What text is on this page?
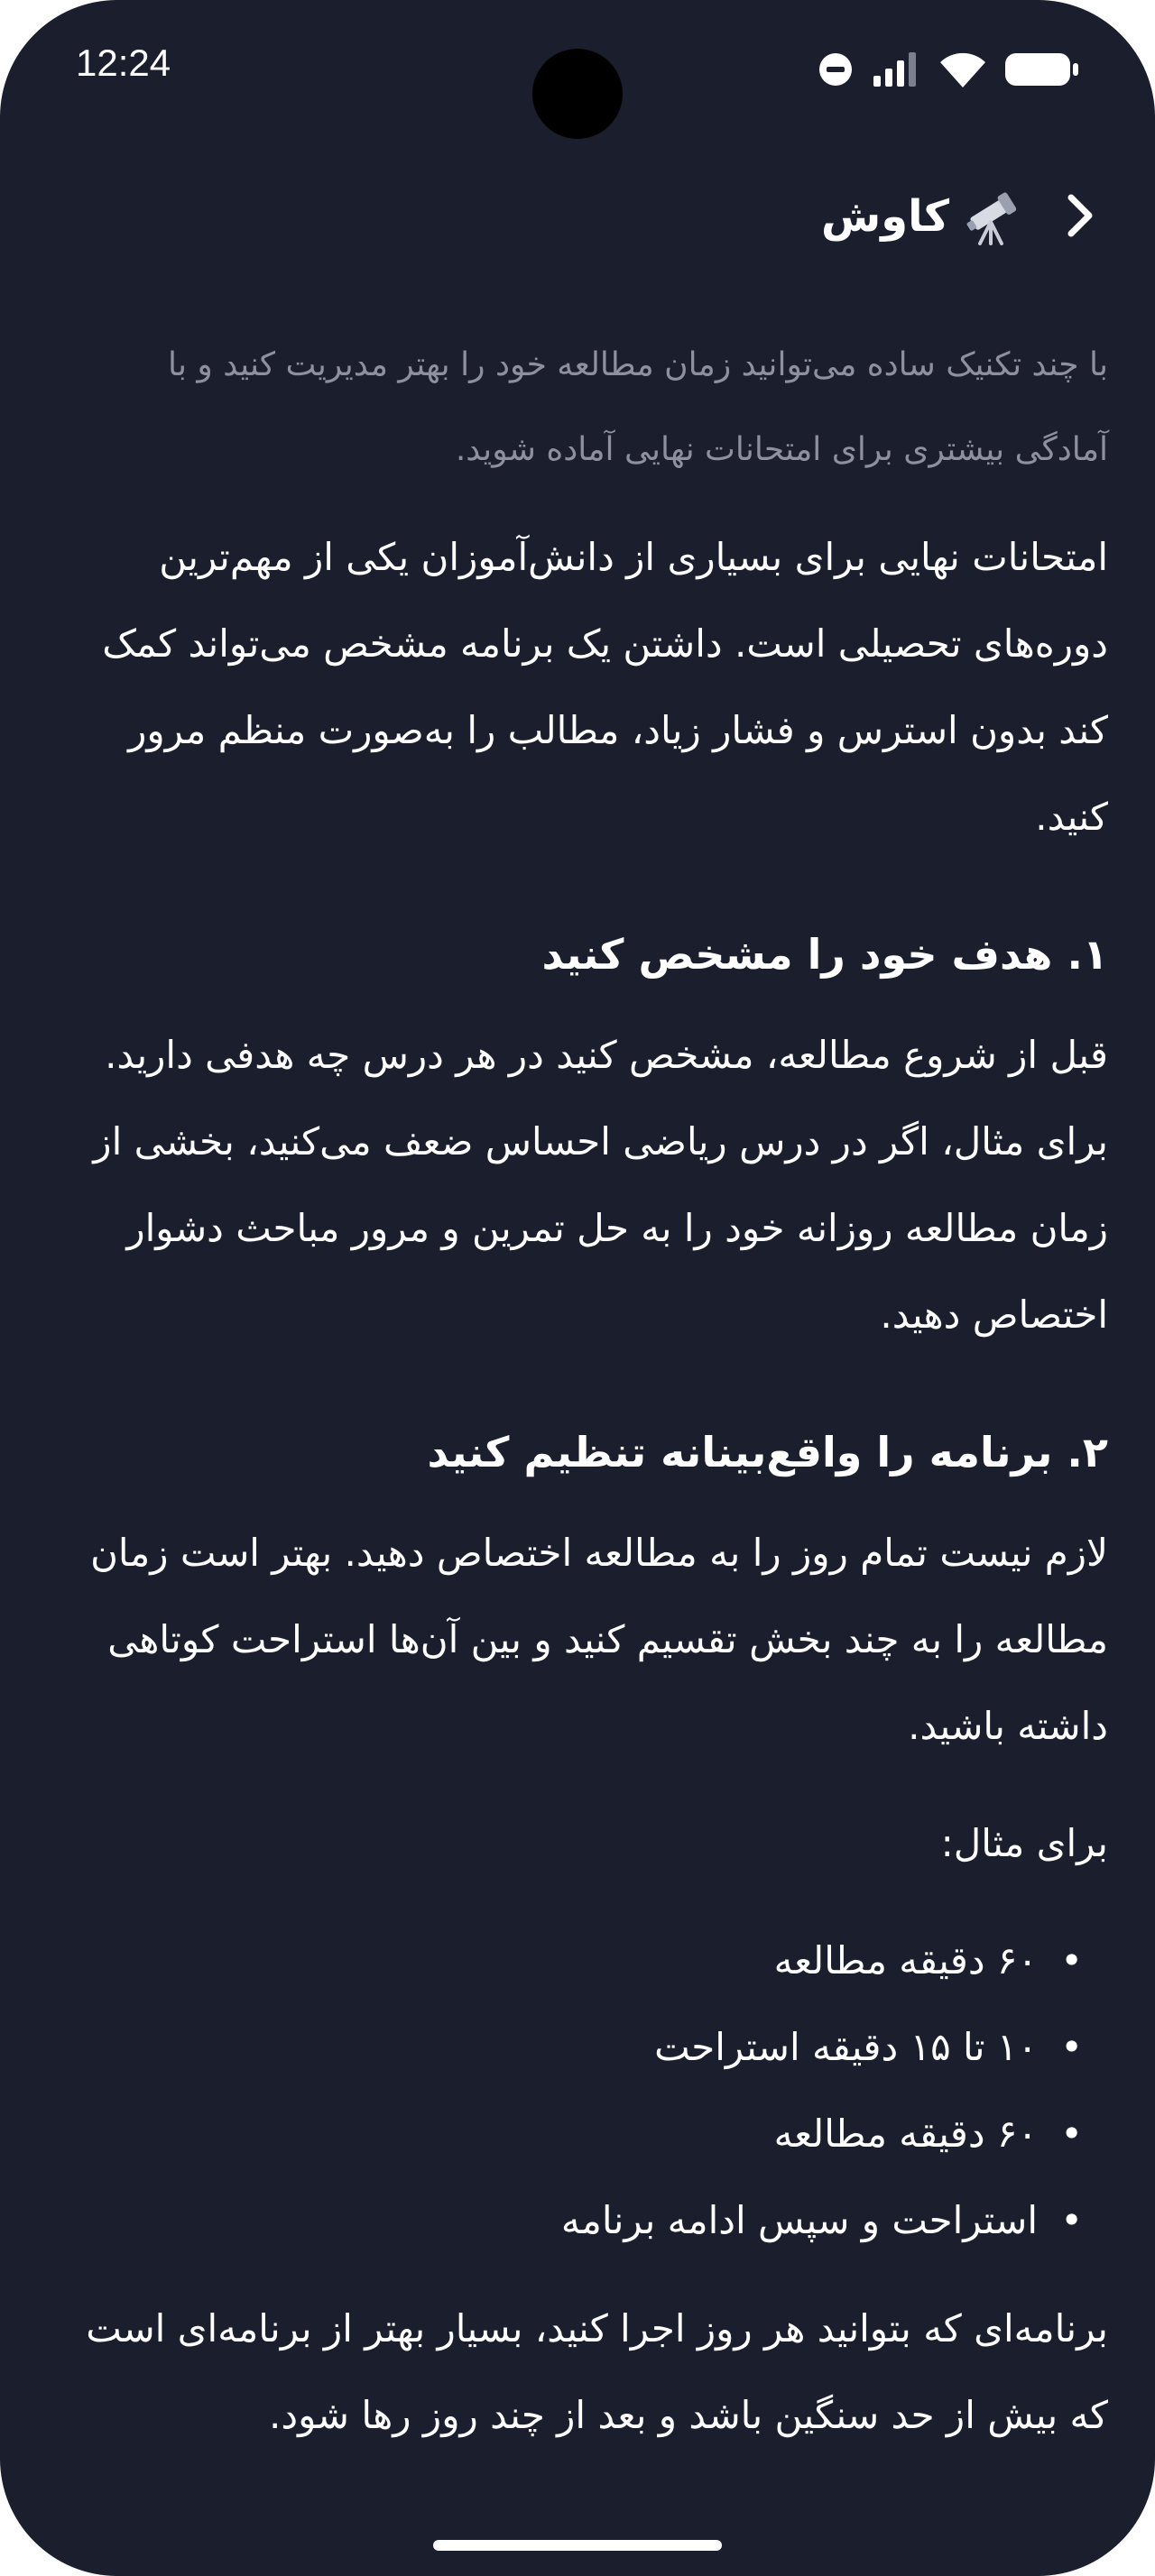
12:24
کاوش

با چند تکنیک ساده می‌توانید زمان مطالعه خود را بهتر مدیریت کنید و با
آمادگی بیشتری برای امتحانات نهایی آماده شوید.

امتحانات نهایی برای بسیاری از دانش‌آموزان یکی از مهم‌ترین دوره‌های تحصیلی است. داشتن یک برنامه مشخص می‌تواند کمک کند بدون استرس و فشار زیاد، مطالب را به‌صورت منظم مرور کنید.

۱. هدف خود را مشخص کنید

قبل از شروع مطالعه، مشخص کنید در هر درس چه هدفی دارید. برای مثال، اگر در درس ریاضی احساس ضعف می‌کنید، بخشی از زمان مطالعه روزانه خود را به حل تمرین و مرور مباحث دشوار اختصاص دهید.

۲. برنامه را واقع‌بینانه تنظیم کنید

لازم نیست تمام روز را به مطالعه اختصاص دهید. بهتر است زمان مطالعه را به چند بخش تقسیم کنید و بین آن‌ها استراحت کوتاهی داشته باشید.

برای مثال:

•
۶۰ دقیقه مطالعه
•
۱۰ تا ۱۵ دقیقه استراحت
•
۶۰ دقیقه مطالعه
•
استراحت و سپس ادامه برنامه

برنامه‌ای که بتوانید هر روز اجرا کنید، بسیار بهتر از برنامه‌ای است که بیش از حد سنگین باشد و بعد از چند روز رها شود.
